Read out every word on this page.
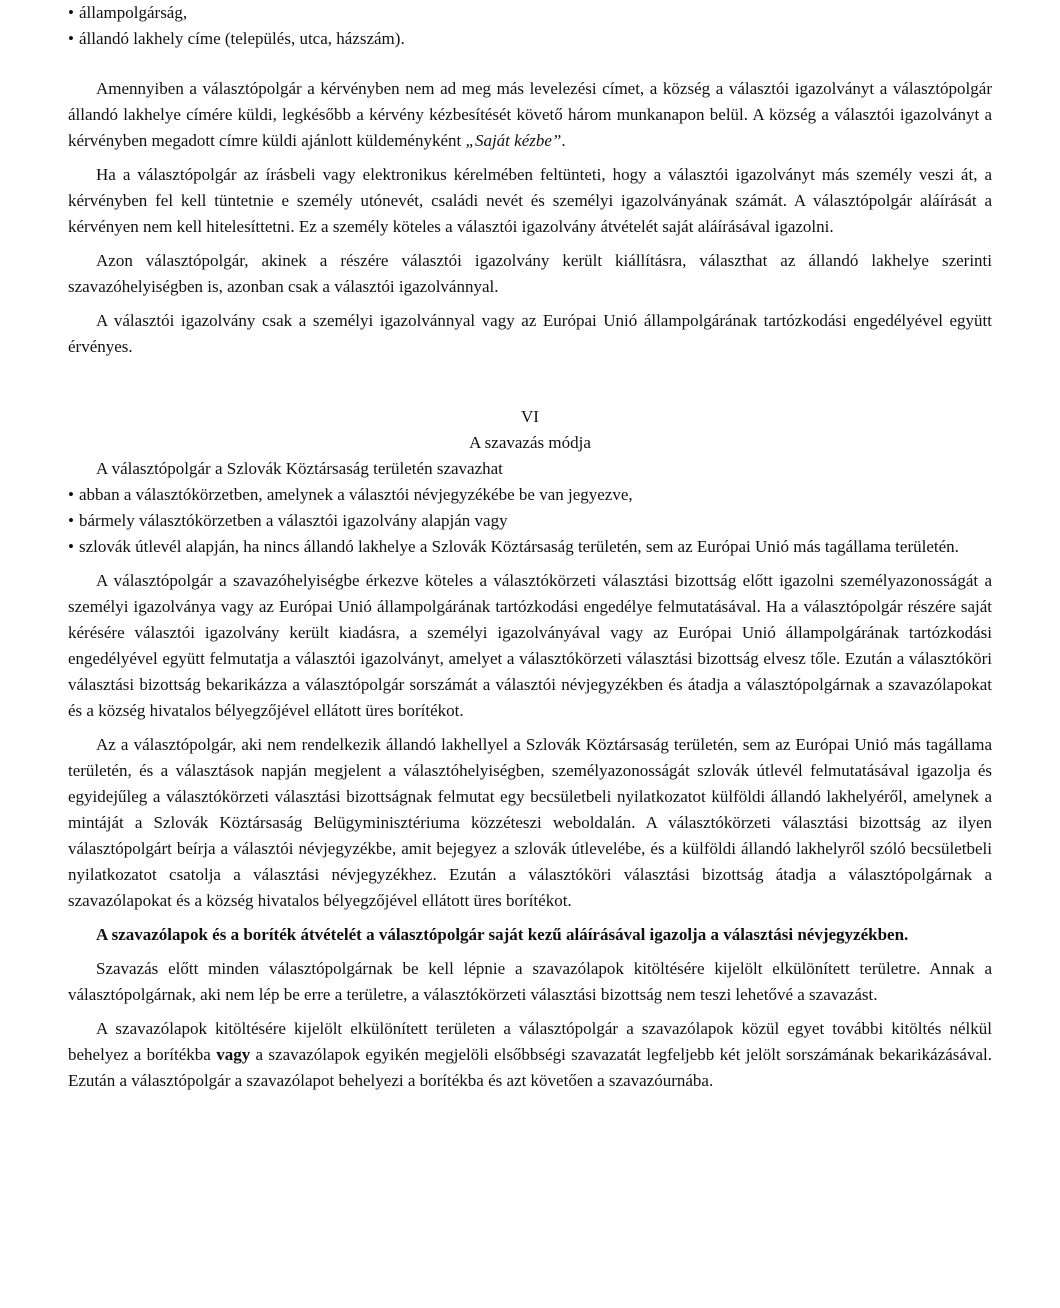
• állampolgárság,
• állandó lakhely címe (település, utca, házszám).

Amennyiben a választópolgár a kérvényben nem ad meg más levelezési címet, a község a választói igazolványt a választópolgár állandó lakhelye címére küldi, legkésőbb a kérvény kézbesítését követő három munkanapon belül. A község a választói igazolványt a kérvényben megadott címre küldi ajánlott küldeményként „Saját kézbe”.

Ha a választópolgár az írásbeli vagy elektronikus kérelmében feltünteti, hogy a választói igazolványt más személy veszi át, a kérvényben fel kell tüntetnie e személy utónevét, családi nevét és személyi igazolványának számát. A választópolgár aláírását a kérvényen nem kell hitelesíttetni. Ez a személy köteles a választói igazolvány átvételét saját aláírásával igazolni.

Azon választópolgár, akinek a részére választói igazolvány került kiállításra, választhat az állandó lakhelye szerinti szavazóhelyiségben is, azonban csak a választói igazolvánnyal.

A választói igazolvány csak a személyi igazolvánnyal vagy az Európai Unió állampolgárának tartózkodási engedélyével együtt érvényes.

VI
A szavazás módja

A választópolgár a Szlovák Köztársaság területén szavazhat

• abban a választókörzetben, amelynek a választói névjegyzékébe be van jegyezve,
• bármely választókörzetben a választói igazolvány alapján vagy
• szlovák útlevél alapján, ha nincs állandó lakhelye a Szlovák Köztársaság területén, sem az Európai Unió más tagállama területén.

A választópolgár a szavazóhelyiségbe érkezve köteles a választókörzeti választási bizottság előtt igazolni személyazonosságát a személyi igazolványa vagy az Európai Unió állampolgárának tartózkodási engedélye felmutatásával. Ha a választópolgár részére saját kérésére választói igazolvány került kiadásra, a személyi igazolványával vagy az Európai Unió állampolgárának tartózkodási engedélyével együtt felmutatja a választói igazolványt, amelyet a választókörzeti választási bizottság elvesz tőle. Ezután a választóköri választási bizottság bekarikázza a választópolgár sorszámát a választói névjegyzékben és átadja a választópolgárnak a szavazólapokat és a község hivatalos bélyegzőjével ellátott üres borítékot.

Az a választópolgár, aki nem rendelkezik állandó lakhellyel a Szlovák Köztársaság területén, sem az Európai Unió más tagállama területén, és a választások napján megjelent a választóhelyiségben, személyazonosságát szlovák útlevél felmutatásával igazolja és egyidejűleg a választókörzeti választási bizottságnak felmutat egy becsületbeli nyilatkozatot külföldi állandó lakhelyéről, amelynek a mintáját a Szlovák Köztársaság Belügyminisztériuma közzéteszi weboldalán. A választókörzeti választási bizottság az ilyen választópolgárt beírja a választói névjegyzékbe, amit bejegyez a szlovák útlevelébe, és a külföldi állandó lakhelyről szóló becsületbeli nyilatkozatot csatolja a választási névjegyzékhez. Ezután a választóköri választási bizottság átadja a választópolgárnak a szavazólapokat és a község hivatalos bélyegzőjével ellátott üres borítékot.

A szavazólapok és a boríték átvételét a választópolgár saját kezű aláírásával igazolja a választási névjegyzékben.

Szavazás előtt minden választópolgárnak be kell lépnie a szavazólapok kitöltésére kijelölt elkülönített területre. Annak a választópolgárnak, aki nem lép be erre a területre, a választókörzeti választási bizottság nem teszi lehetővé a szavazást.

A szavazólapok kitöltésére kijelölt elkülönített területen a választópolgár a szavazólapok közül egyet további kitöltés nélkül behelyez a borítékba vagy a szavazólapok egyikén megjelöli elsőbbségi szavazatát legfeljebb két jelölt sorszámának bekarikázásával. Ezután a választópolgár a szavazólapot behelyezi a borítékba és azt követően a szavazóurnába.
